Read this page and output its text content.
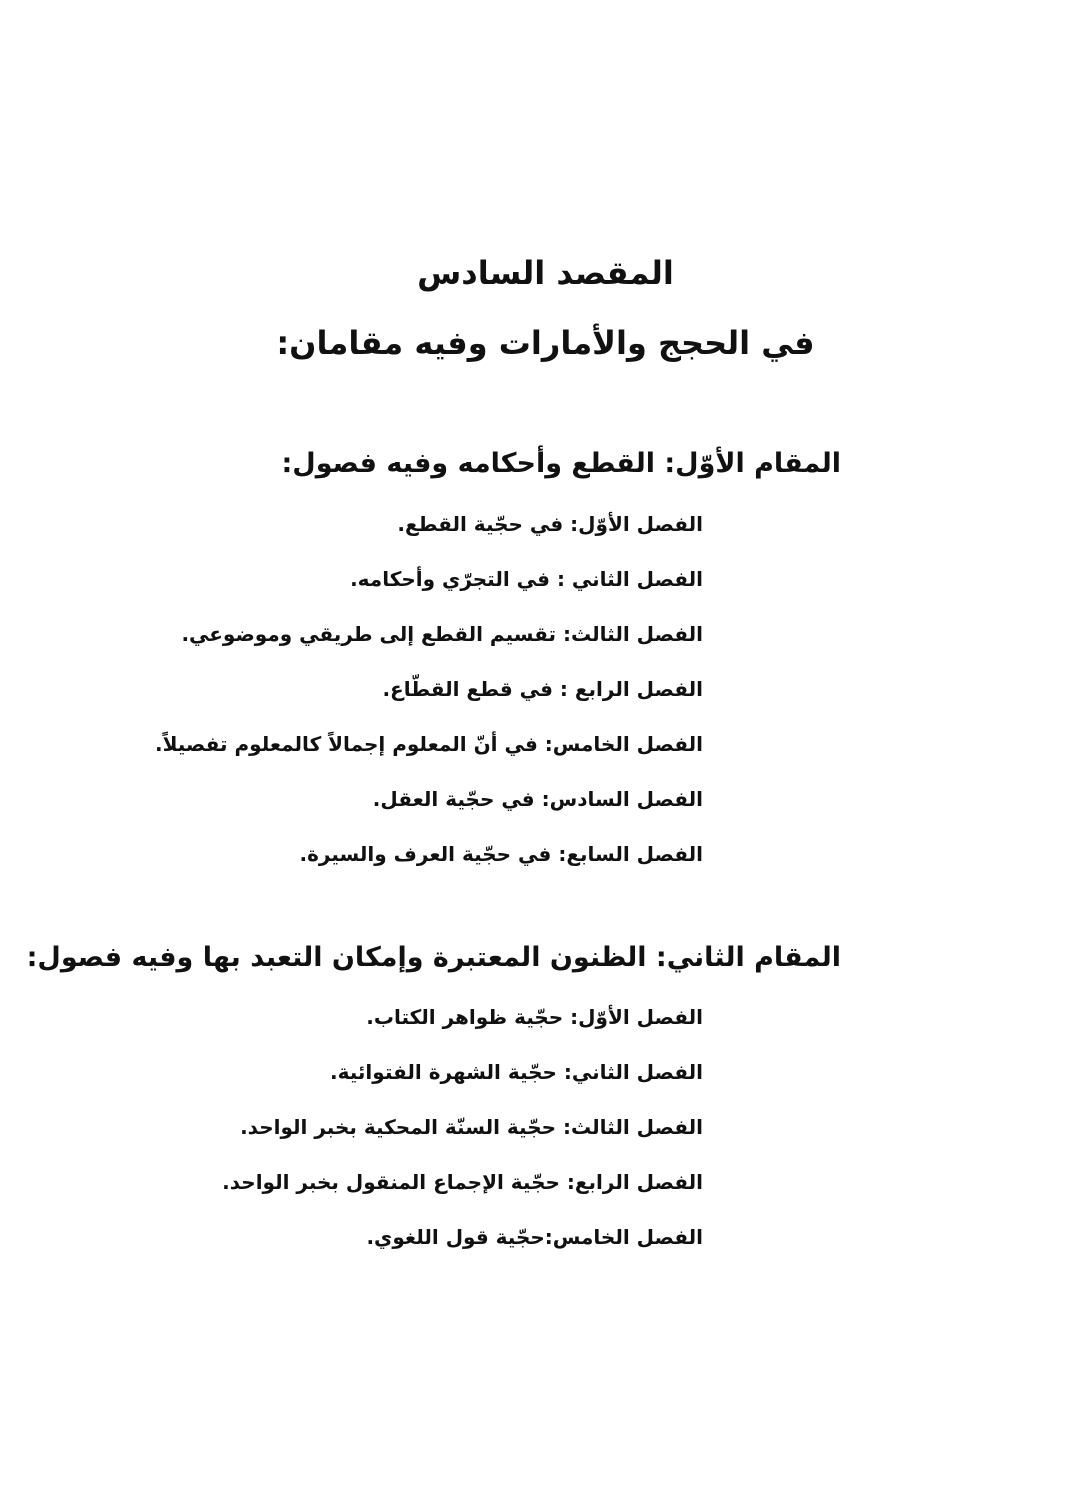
المقصد السادس
في الحجج والأمارات وفيه مقامان:
المقام الأوّل: القطع وأحكامه وفيه فصول:
الفصل الأوّل: في حجّية القطع.
الفصل الثاني : في التجرّي وأحكامه.
الفصل الثالث: تقسيم القطع إلى طريقي وموضوعي.
الفصل الرابع : في قطع القطّاع.
الفصل الخامس: في أنّ المعلوم إجمالاً كالمعلوم تفصيلاً.
الفصل السادس: في حجّية العقل.
الفصل السابع: في حجّية العرف والسيرة.
المقام الثاني: الظنون المعتبرة وإمكان التعبد بها وفيه فصول:
الفصل الأوّل: حجّية ظواهر الكتاب.
الفصل الثاني: حجّية الشهرة الفتوائية.
الفصل الثالث: حجّية السنّة المحكية بخبر الواحد.
الفصل الرابع: حجّية الإجماع المنقول بخبر الواحد.
الفصل الخامس:حجّية قول اللغوي.
